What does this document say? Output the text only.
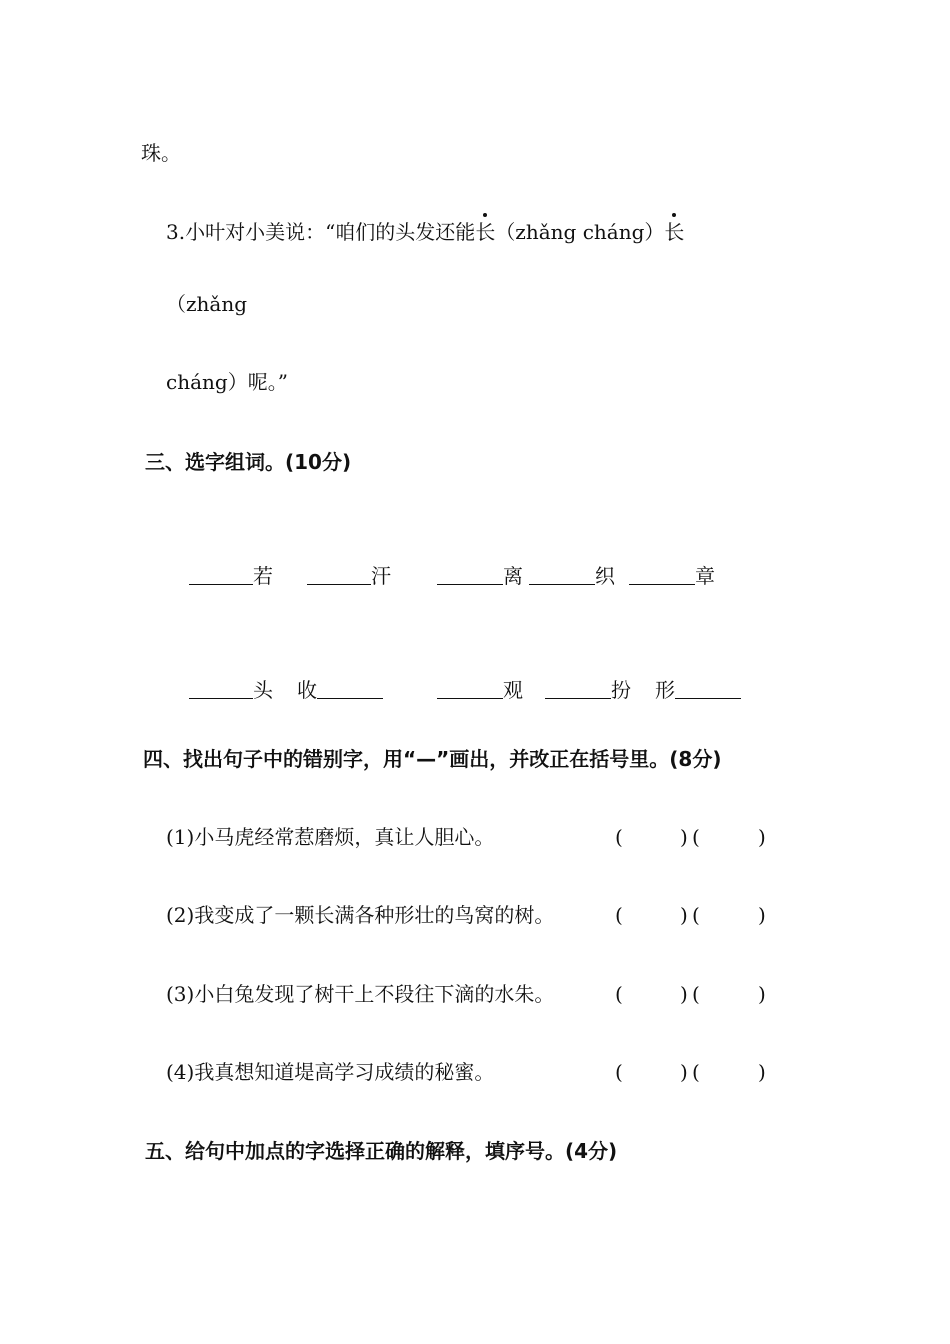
珠。
3.小叶对小美说：“咱们的头发还能长（zhǎng cháng）长
（zhǎng
cháng）呢。”
三、选字组词。(10分)
若	汗	离	织	章
头 收	观	扮 形
四、找出句子中的错别字，用“—”画出，并改正在括号里。(8分)
(1)小马虎经常惹磨烦，真让人胆心。	(	) (	)
(2)我变成了一颗长满各种形壮的鸟窝的树。	(	) (	)
(3)小白兔发现了树干上不段往下滴的水朱。	(	) (	)
(4)我真想知道堤高学习成绩的秘蜜。	(	) (	)
五、给句中加点的字选择正确的解释，填序号。(4分)
